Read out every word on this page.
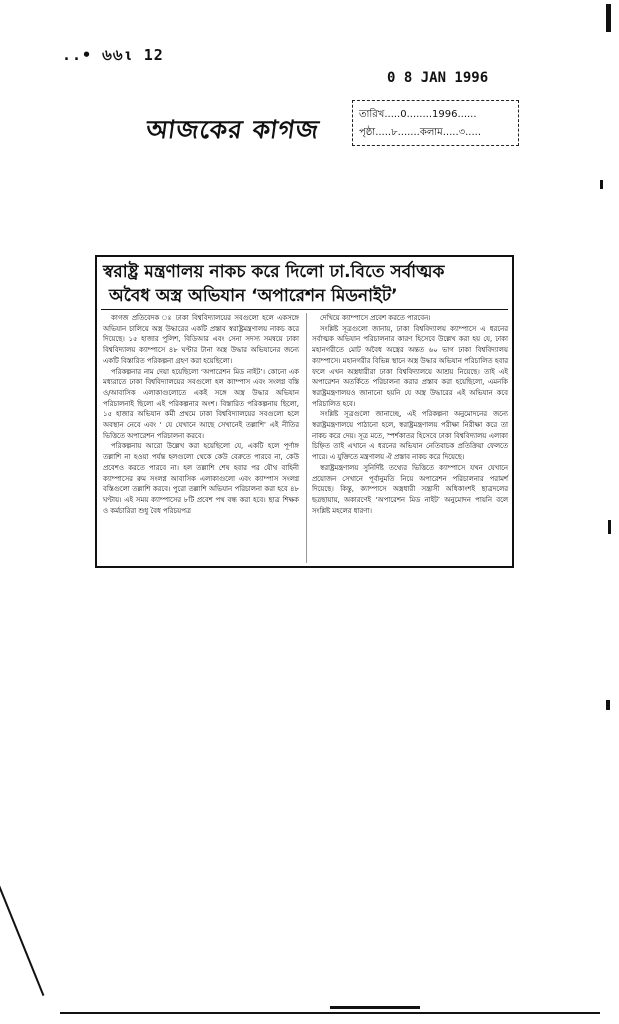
..• ৬৬ι 12
0 8 JAN 1996
তারিখ.....0........1996......
পৃষ্ঠা.....৮.......কলাম.....৩.....
আজকের কাগজ
স্বরাষ্ট্র মন্ত্রণালয় নাকচ করে দিলো ঢা.বিতে সর্বাত্মক
অবৈধ অস্ত্র অভিযান ‘অপারেশন মিডনাইট’

কাগজ প্রতিবেদক ঃ ঢাকা বিশ্ববিদ্যালয়ের সবগুলো হলে একসঙ্গে অভিযান চালিয়ে অস্ত্র উদ্ধারের একটি প্রস্তাব স্বরাষ্ট্রমন্ত্রণালয় নাকচ করে দিয়েছে। ১৫ হাজার পুলিশ, বিডিআর এবং সেনা সদস্য সমন্বয়ে ঢাকা বিশ্ববিদ্যালয় ক্যাম্পাসে ৪৮ ঘণ্টার টানা অস্ত্র উদ্ধার অভিযানের জন্যে একটি বিস্তারিত পরিকল্পনা গ্রহণ করা হয়েছিলো।

পরিকল্পনার নাম দেয়া হয়েছিলো ‘অপারেশন মিড নাইট’। কোনো এক মধ্যরাতে ঢাকা বিশ্ববিদ্যালয়ের সবগুলো হল ক্যাম্পাস এবং সংলগ্ন বস্তি ও/আবাসিক এলাকাগুলোতে একই সঙ্গে অস্ত্র উদ্ধার অভিযান পরিচালনাই ছিলো এই পরিকল্পনার অংশ। বিস্তারিত পরিকল্পনায় ছিলো, ১৫ হাজার অভিযান কর্মী প্রথমে ঢাকা বিশ্ববিদ্যালয়ের সবগুলো হলে অবস্থান নেবে এবং ‘ যে যেখানে আছে সেখানেই তল্লাশি’ এই নীতির ভিত্তিতে অপারেশন পরিচালনা করবে।

পরিকল্পনায় আরো উল্লেখ করা হয়েছিলো যে, একটি হলে পূর্ণাঙ্গ তল্লাশি না হওয়া পর্যন্ত হলগুলো থেকে কেউ বেরুতে পারবে না, কেউ প্রবেশও করতে পারবে না। হল তল্লাশি শেষ হবার পর যৌথ বাহিনী ক্যাম্পাসের রুম সংলগ্ন আবাসিক এলাকাগুলো এবং ক্যাম্পাস সংলগ্ন বস্তিগুলো তল্লাশি করবে। পুরো তল্লাশি অভিযান পরিচালনা করা হবে ৪৮ ঘণ্টায়। এই সময় ক্যাম্পাসের ৮টি প্রবেশ পথ বন্ধ করা হবে। ছাত্র শিক্ষক ও কর্মচারিরা শুধু বৈধ পরিচয়পত্র

দেখিয়ে ক্যাম্পাসে প্রবেশ করতে পারবেন।

সংশ্লিষ্ট সূত্রগুলো জানায়, ঢাকা বিশ্ববিদ্যালয় ক্যাম্পাসে এ ধরনের সর্বাত্মক অভিযান পরিচালনার কারণ হিসেবে উল্লেখ করা হয় যে, ঢাকা মহানগরীতে মোট অবৈধ অস্ত্রের অন্তত ৬০ ভাগ ঢাকা বিশ্ববিদ্যালয় ক্যাম্পাসে। মহানগরীর বিভিন্ন স্থানে অস্ত্র উদ্ধার অভিযান পরিচালিত হবার ফলে এখন অস্ত্রধারীরা ঢাকা বিশ্ববিদ্যালয়ে আশ্রয় নিয়েছে। তাই এই অপারেশন অতর্কিতে পরিচালনা করার প্রস্তাব করা হয়েছিলো, এমনকি স্বরাষ্ট্রমন্ত্রণালয়ও জানানো হয়নি যে অস্ত্র উদ্ধারের এই অভিযান কবে পরিচালিত হবে।

সংশ্লিষ্ট সূত্রগুলো জানাচ্ছে, এই পরিকল্পনা অনুমোদনের জন্যে স্বরাষ্ট্রমন্ত্রণালয়ে পাঠানো হলে, স্বরাষ্ট্রমন্ত্রণালয় পরীক্ষা নিরীক্ষা করে তা নাকচ করে দেয়। সূত্র মতে, স্পর্শকাতর হিসেবে ঢাকা বিশ্ববিদ্যালয় এলাকা চিহ্নিত তাই এখানে এ ধরনের অভিযান নেতিবাচক প্রতিক্রিয়া ফেলতে পারে। এ যুক্তিতে মন্ত্রণালয় ঐ প্রস্তাব নাকচ করে দিয়েছে।

স্বরাষ্ট্রমন্ত্রণালয় সুনির্দিষ্ট তথ্যের ভিত্তিতে ক্যাম্পাসে যখন যেখানে প্রয়োজন সেখানে পূর্বানুমতি নিয়ে অপারেশন পরিচালনার পরামর্শ দিয়েছে। কিন্তু, ক্যাম্পাসে অস্ত্রধারী সন্ত্রাসী অধিকাংশই ছাত্রদলের ছত্রছায়ায়, অকারণেই ‘অপারেশন মিড নাইট’ অনুমোদন পায়নি বলে সংশ্লিষ্ট মহলের ধারণা।
